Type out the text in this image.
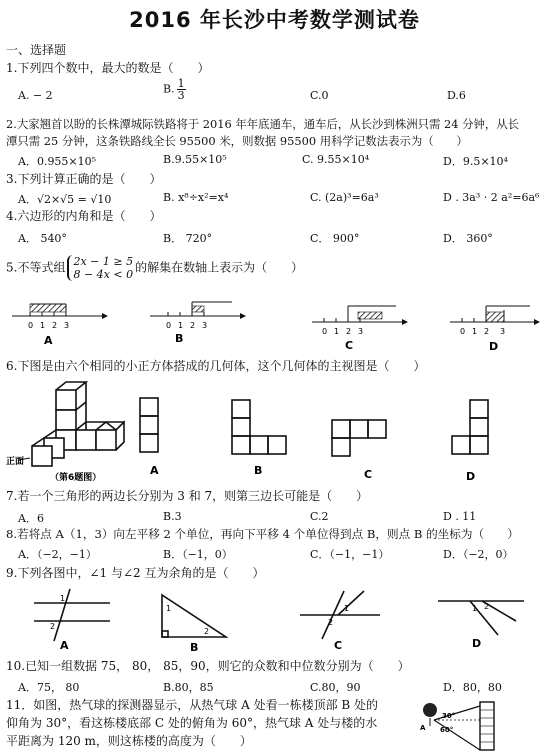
2016 年长沙中考数学测试卷
一、选择题
1.下列四个数中，最大的数是（　　）
A. − 2	B. $\frac{1}{3}$	C.0	D.6
2.大家翘首以盼的长株潭城际铁路将于 2016 年年底通车，通车后，从长沙到株洲只需 24 分钟，从长
潭只需 25 分钟，这条铁路线全长 95500 米，则数据 95500 用科学记数法表示为（　　）
A．0.955×10⁵	B.9.55×10⁵	C. 9.55×10⁴	D．9.5×10⁴
3.下列计算正确的是（　　）
A．√2×√5 = √10	B. x⁸÷x²=x⁴	C. (2a)³=6a³	D . 3a³ · 2 a²=6a⁶
4.六边形的内角和是（　　）
A． 540°	B． 720°	C． 900°	D． 360°
5.不等式组 2x − 1 ≥ 5
8 − 4x < 0 的解集在数轴上表示为（　　）
0 1 2 3
A
0 1 2 3
B
0 1 2 3
C
0 1 2 3
D
6.下图是由六个相同的小正方体搭成的几何体，这个几何体的主视图是（　　）
正面
（第6题图）
A	B	C	D
7.若一个三角形的两边长分别为 3 和 7，则第三边长可能是（　　）
A．6	B.3	C.2	D . 11
8.若将点 A（1，3）向左平移 2 个单位，再向下平移 4 个单位得到点 B，则点 B 的坐标为（　　）
A．（−2，−1）	B．（−1，0）	C．（−1，−1）	D．（−2，0）
9.下列各图中，∠1 与∠2 互为余角的是（　　）
1
2
A
1
2
B
1
2
C
1 2
D
10.已知一组数据 75， 80， 85，90，则它的众数和中位数分别为（　　）
A．75， 80	B.80，85	C.80，90	D．80，80
11．如图，热气球的探测器显示，从热气球 A 处看一栋楼顶部 B 处的
仰角为 30°，看这栋楼底部 C 处的俯角为 60°，热气球 A 处与楼的水
平距离为 120 m，则这栋楼的高度为（　　）
30°
60°
A
